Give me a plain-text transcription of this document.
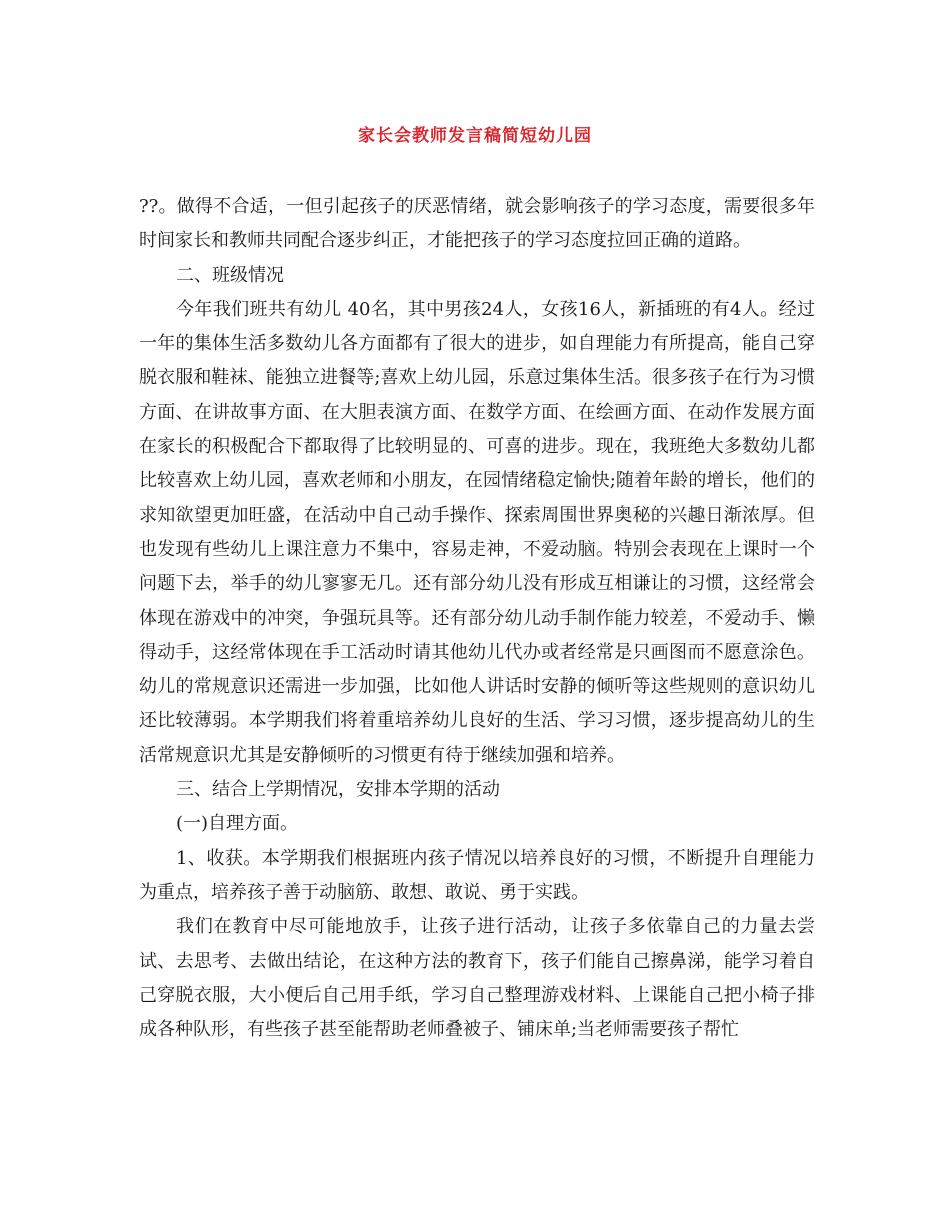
家长会教师发言稿简短幼儿园

??。做得不合适，一但引起孩子的厌恶情绪，就会影响孩子的学习态度，需要很多年时间家长和教师共同配合逐步纠正，才能把孩子的学习态度拉回正确的道路。

二、班级情况

今年我们班共有幼儿 40名，其中男孩24人，女孩16人，新插班的有4人。经过一年的集体生活多数幼儿各方面都有了很大的进步，如自理能力有所提高，能自己穿脱衣服和鞋袜、能独立进餐等;喜欢上幼儿园，乐意过集体生活。很多孩子在行为习惯方面、在讲故事方面、在大胆表演方面、在数学方面、在绘画方面、在动作发展方面在家长的积极配合下都取得了比较明显的、可喜的进步。现在，我班绝大多数幼儿都比较喜欢上幼儿园，喜欢老师和小朋友，在园情绪稳定愉快;随着年龄的增长，他们的求知欲望更加旺盛，在活动中自己动手操作、探索周围世界奥秘的兴趣日渐浓厚。但也发现有些幼儿上课注意力不集中，容易走神，不爱动脑。特别会表现在上课时一个问题下去，举手的幼儿寥寥无几。还有部分幼儿没有形成互相谦让的习惯，这经常会体现在游戏中的冲突，争强玩具等。还有部分幼儿动手制作能力较差，不爱动手、懒得动手，这经常体现在手工活动时请其他幼儿代办或者经常是只画图而不愿意涂色。幼儿的常规意识还需进一步加强，比如他人讲话时安静的倾听等这些规则的意识幼儿还比较薄弱。本学期我们将着重培养幼儿良好的生活、学习习惯，逐步提高幼儿的生活常规意识尤其是安静倾听的习惯更有待于继续加强和培养。

三、结合上学期情况，安排本学期的活动

(一)自理方面。

1、收获。本学期我们根据班内孩子情况以培养良好的习惯，不断提升自理能力为重点，培养孩子善于动脑筋、敢想、敢说、勇于实践。

我们在教育中尽可能地放手，让孩子进行活动，让孩子多依靠自己的力量去尝试、去思考、去做出结论，在这种方法的教育下，孩子们能自己擦鼻涕，能学习着自己穿脱衣服，大小便后自己用手纸，学习自己整理游戏材料、上课能自己把小椅子排成各种队形，有些孩子甚至能帮助老师叠被子、铺床单;当老师需要孩子帮忙
